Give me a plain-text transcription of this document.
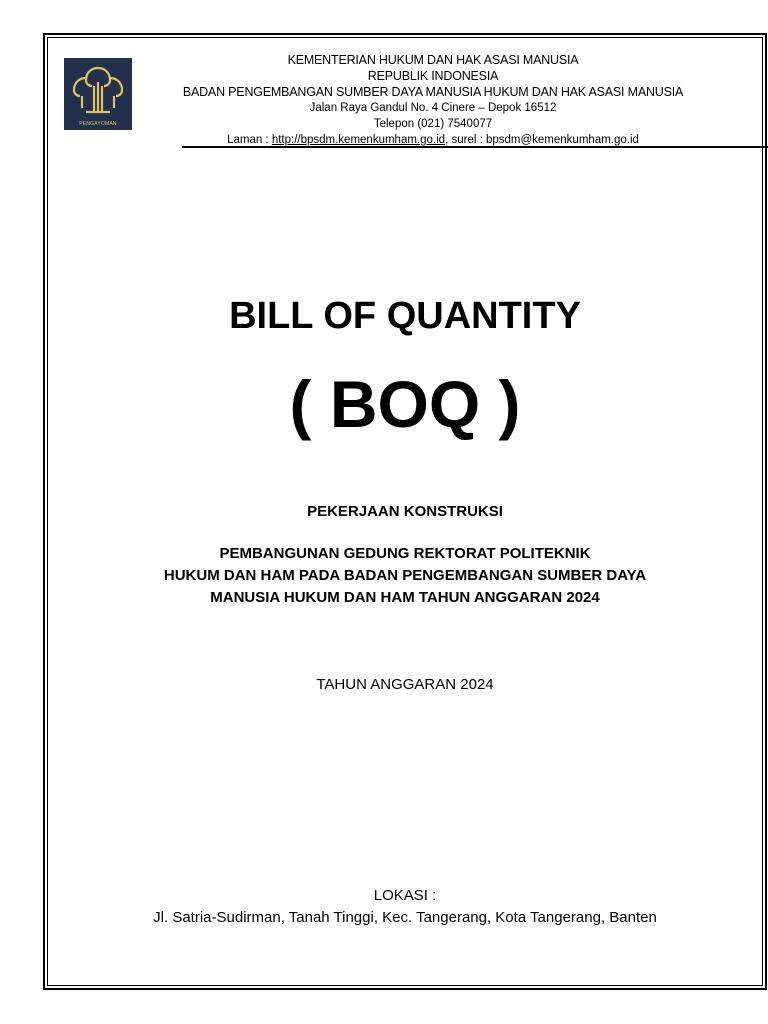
PENGAYOMAN
KEMENTERIAN HUKUM DAN HAK ASASI MANUSIA
REPUBLIK INDONESIA
BADAN PENGEMBANGAN SUMBER DAYA MANUSIA HUKUM DAN HAK ASASI MANUSIA
Jalan Raya Gandul No. 4 Cinere – Depok 16512
Telepon (021) 7540077
Laman : http://bpsdm.kemenkumham.go.id, surel : bpsdm@kemenkumham.go.id
BILL OF QUANTITY
( BOQ )
PEKERJAAN KONSTRUKSI
PEMBANGUNAN GEDUNG REKTORAT POLITEKNIK
HUKUM DAN HAM PADA BADAN PENGEMBANGAN SUMBER DAYA
MANUSIA HUKUM DAN HAM TAHUN ANGGARAN 2024
TAHUN ANGGARAN 2024
LOKASI :
Jl. Satria-Sudirman, Tanah Tinggi, Kec. Tangerang, Kota Tangerang, Banten
